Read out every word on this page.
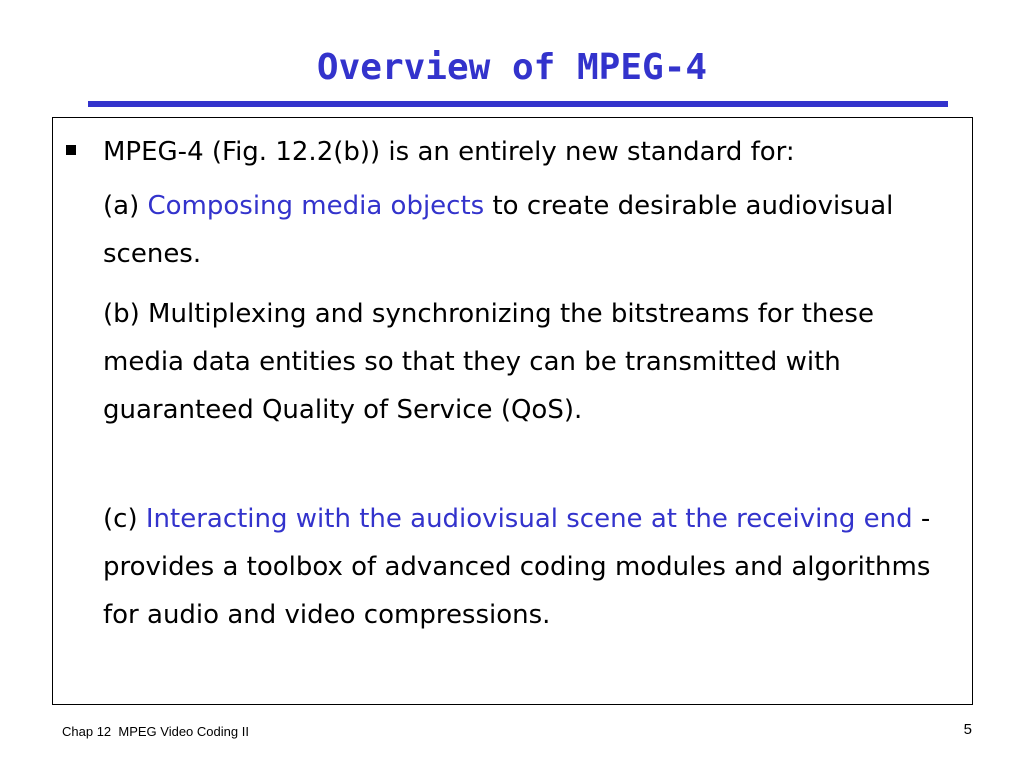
Overview of MPEG-4
MPEG-4 (Fig. 12.2(b)) is an entirely new standard for:
(a) Composing media objects to create desirable audiovisual scenes.
(b) Multiplexing and synchronizing the bitstreams for these media data entities so that they can be transmitted with guaranteed Quality of Service (QoS).
(c) Interacting with the audiovisual scene at the receiving end - provides a toolbox of advanced coding modules and algorithms for audio and video compressions.
Chap 12  MPEG Video Coding II	5
